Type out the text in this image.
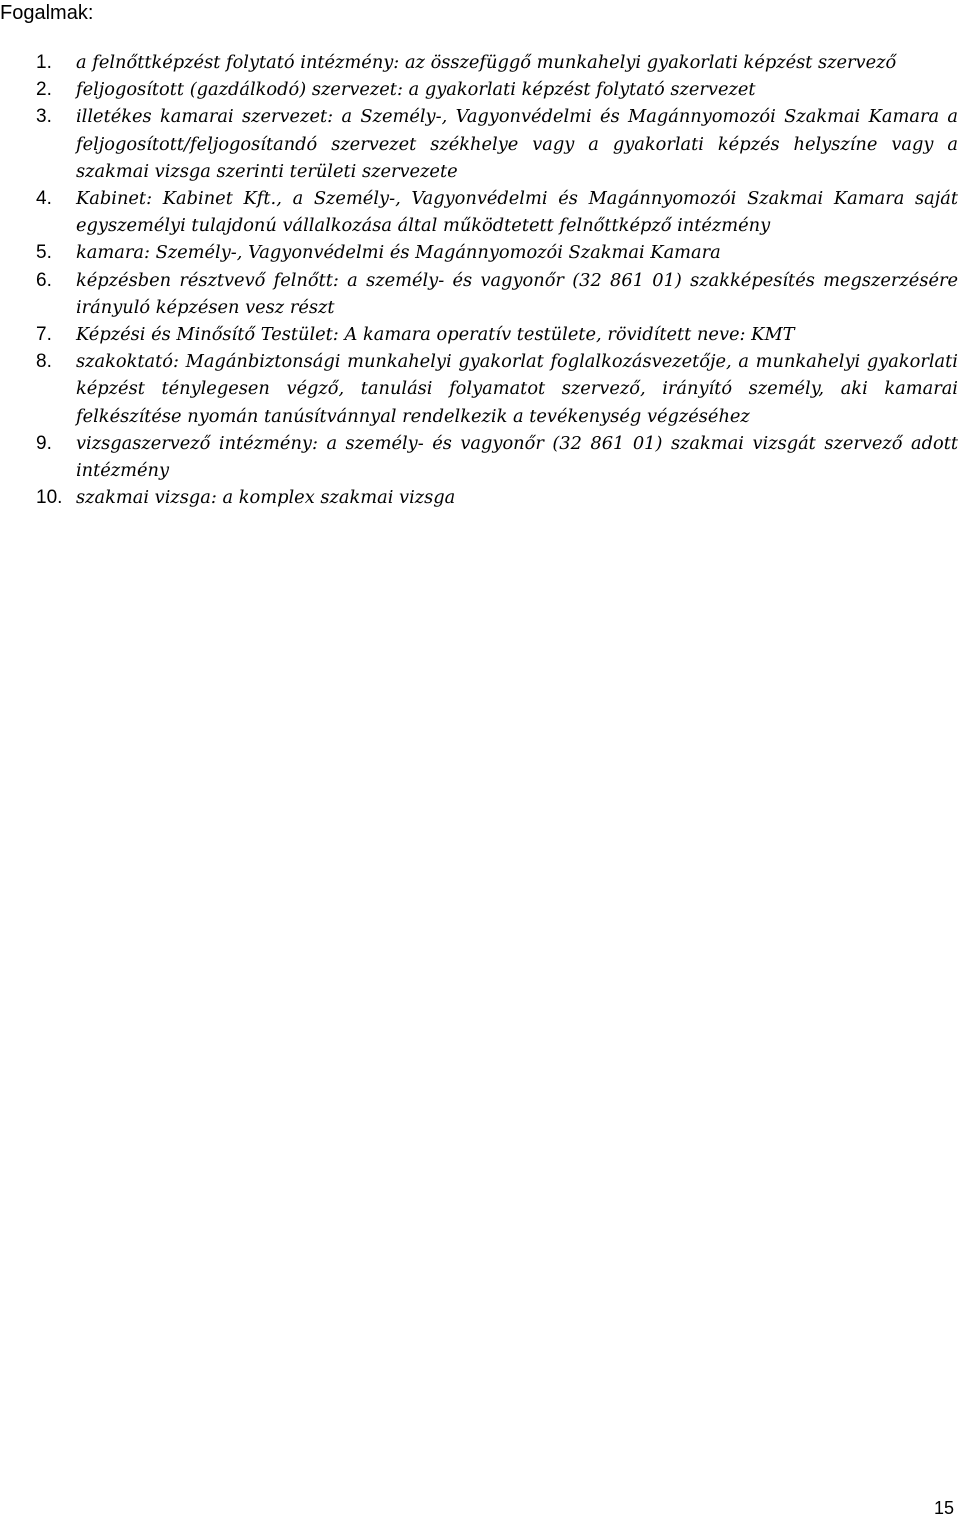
Fogalmak:
1. a felnőttképzést folytató intézmény: az összefüggő munkahelyi gyakorlati képzést szervező
2. feljogosított (gazdálkodó) szervezet: a gyakorlati képzést folytató szervezet
3. illetékes kamarai szervezet: a Személy-, Vagyonvédelmi és Magánnyomozói Szakmai Kamara a feljogosított/feljogosítandó szervezet székhelye vagy a gyakorlati képzés helyszíne vagy a szakmai vizsga szerinti területi szervezete
4. Kabinet: Kabinet Kft., a Személy-, Vagyonvédelmi és Magánnyomozói Szakmai Kamara saját egyszemélyi tulajdonú vállalkozása által működtetett felnőttképző intézmény
5. kamara: Személy-, Vagyonvédelmi és Magánnyomozói Szakmai Kamara
6. képzésben résztvevő felnőtt: a személy- és vagyonőr (32 861 01) szakképesítés megszerzésére irányuló képzésen vesz részt
7. Képzési és Minősítő Testület: A kamara operatív testülete, rövidített neve: KMT
8. szakoktató: Magánbiztonsági munkahelyi gyakorlat foglalkozásvezetője, a munkahelyi gyakorlati képzést ténylegesen végző, tanulási folyamatot szervező, irányító személy, aki kamarai felkészítése nyomán tanúsítvánnyal rendelkezik a tevékenység végzéséhez
9. vizsgaszervező intézmény: a személy- és vagyonőr (32 861 01) szakmai vizsgát szervező adott intézmény
10. szakmai vizsga: a komplex szakmai vizsga
15
